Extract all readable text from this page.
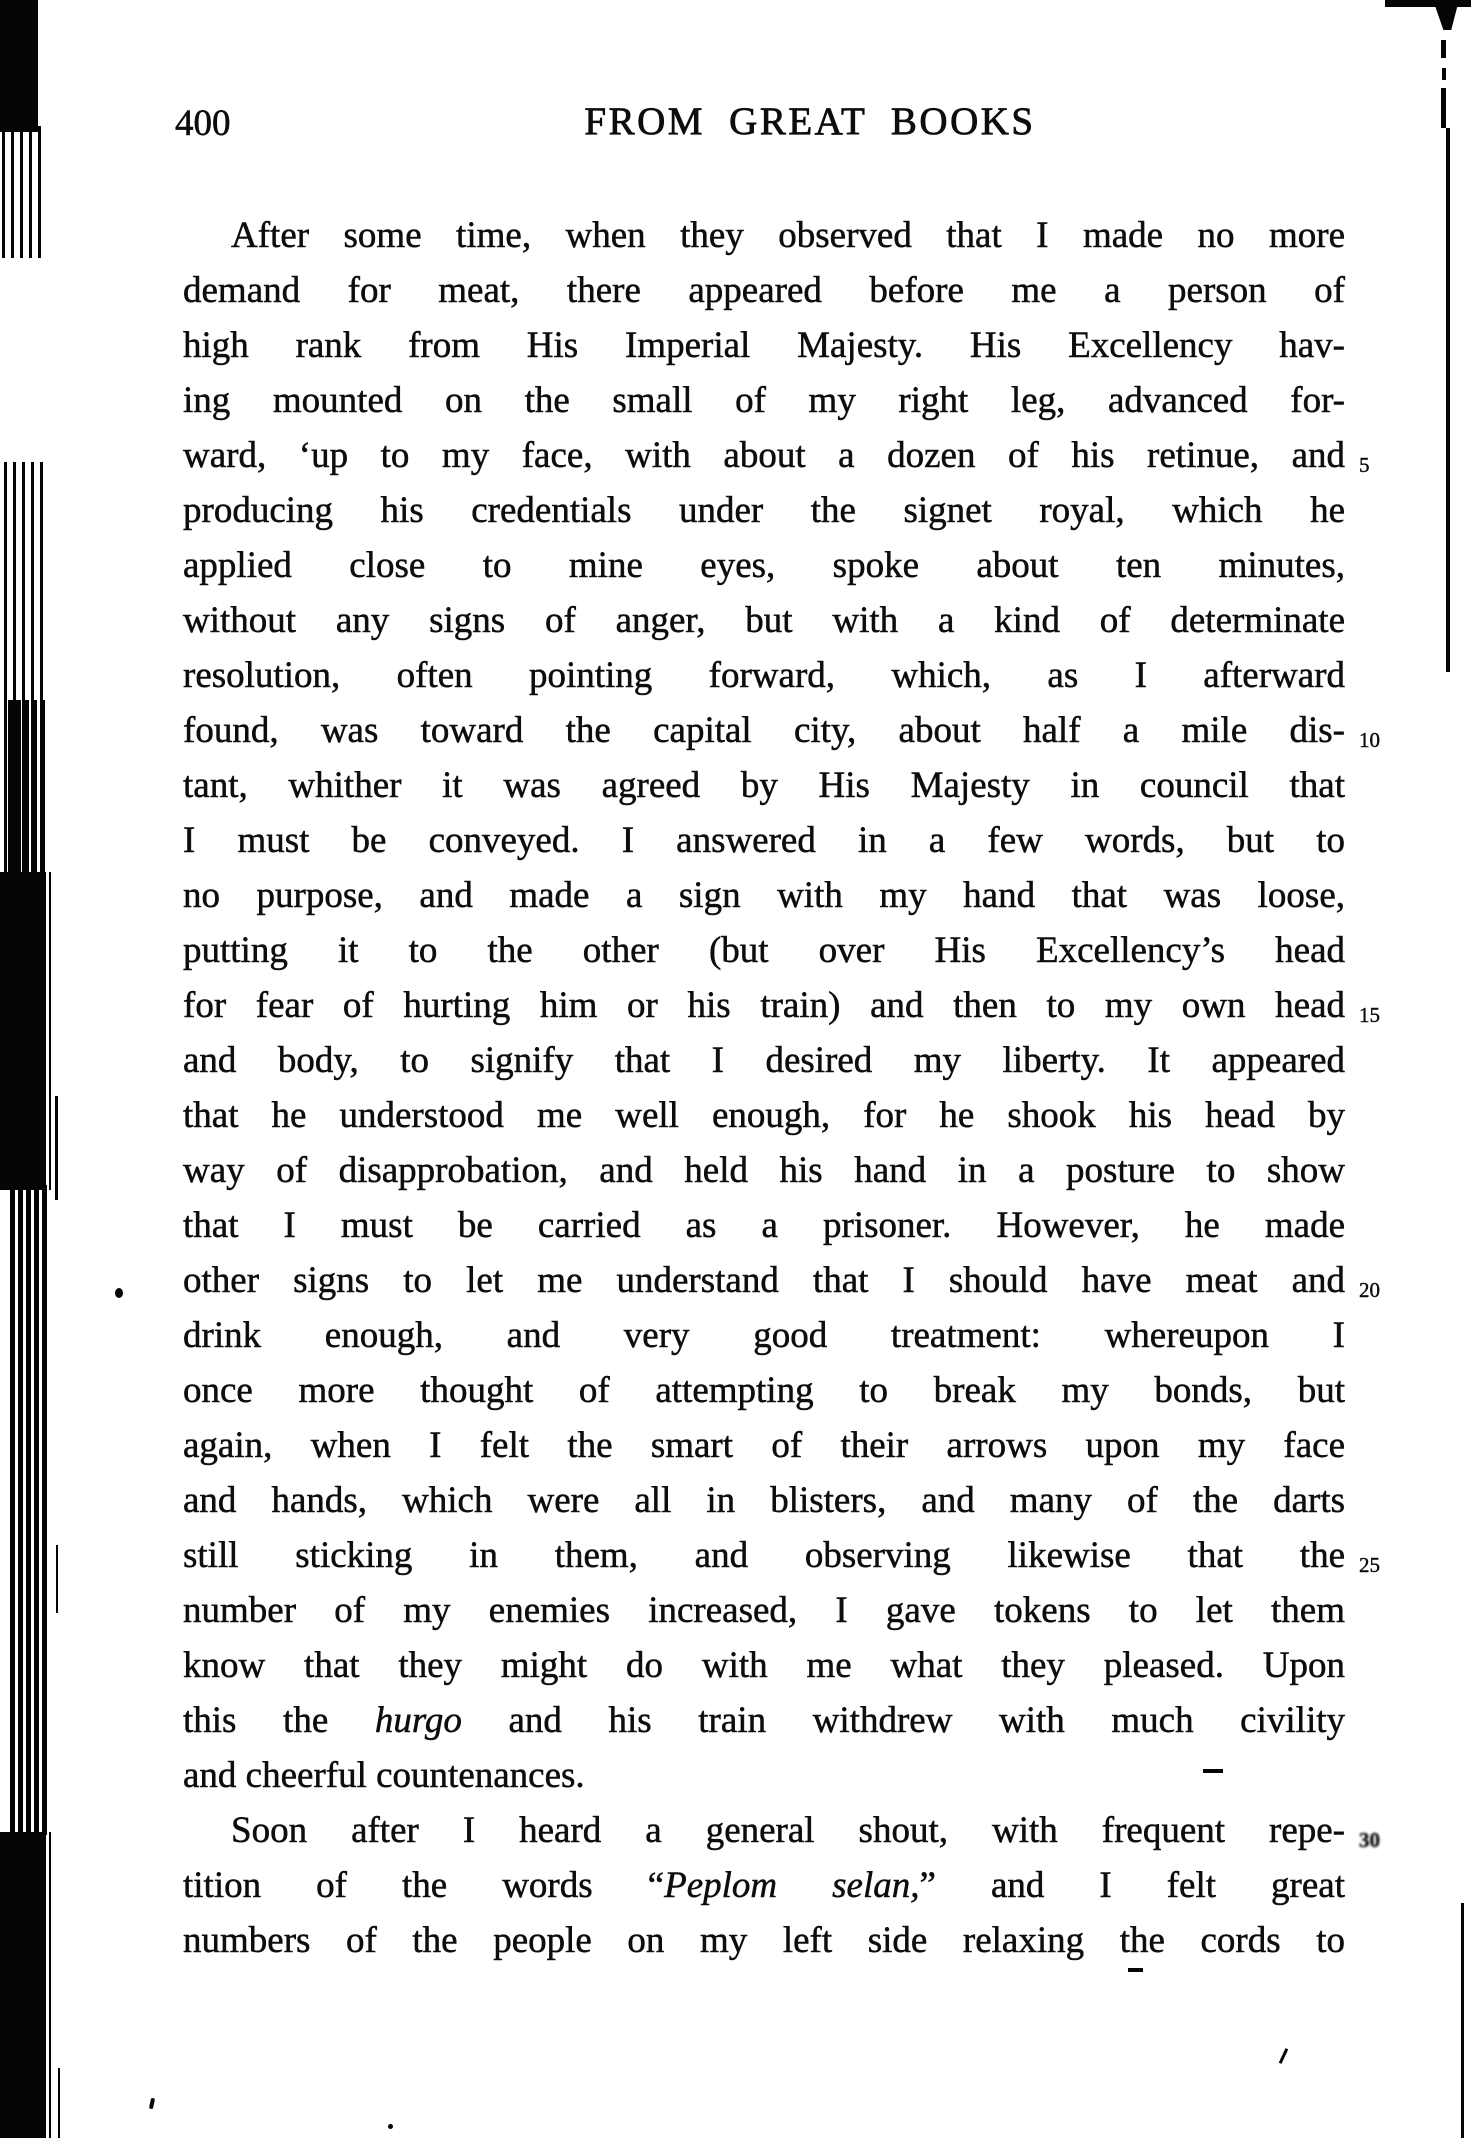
400	FROM GREAT BOOKS
After some time, when they observed that I made no more
demand for meat, there appeared before me a person of
high rank from His Imperial Majesty. His Excellency hav-
ing mounted on the small of my right leg, advanced for-
ward, ‘up to my face, with about a dozen of his retinue, and 5
producing his credentials under the signet royal, which he
applied close to mine eyes, spoke about ten minutes,
without any signs of anger, but with a kind of determinate
resolution, often pointing forward, which, as I afterward
found, was toward the capital city, about half a mile dis- 10
tant, whither it was agreed by His Majesty in council that
I must be conveyed. I answered in a few words, but to
no purpose, and made a sign with my hand that was loose,
putting it to the other (but over His Excellency’s head
for fear of hurting him or his train) and then to my own head 15
and body, to signify that I desired my liberty. It appeared
that he understood me well enough, for he shook his head by
way of disapprobation, and held his hand in a posture to show
that I must be carried as a prisoner. However, he made
other signs to let me understand that I should have meat and 20
drink enough, and very good treatment: whereupon I
once more thought of attempting to break my bonds, but
again, when I felt the smart of their arrows upon my face
and hands, which were all in blisters, and many of the darts
still sticking in them, and observing likewise that the 25
number of my enemies increased, I gave tokens to let them
know that they might do with me what they pleased. Upon
this the hurgo and his train withdrew with much civility
and cheerful countenances.
Soon after I heard a general shout, with frequent repe- 30
tition of the words “Peplom selan,” and I felt great
numbers of the people on my left side relaxing the cords to
